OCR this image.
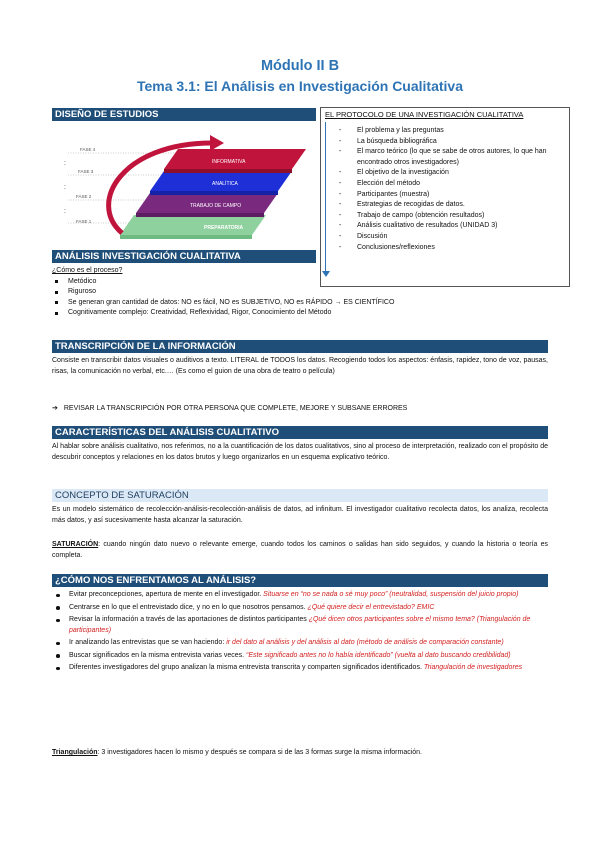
Módulo II B
Tema 3.1: El Análisis en Investigación Cualitativa
DISEÑO DE ESTUDIOS
:
:
:
FASE 4
FASE 3
FASE 2
FASE 1
PREPARATORIA
TRABAJO DE CAMPO
ANALÍTICA
INFORMATIVA
EL PROTOCOLO DE UNA INVESTIGACIÓN CUALITATIVA
- El problema y las preguntas
- La búsqueda bibliográfica
- El marco teórico (lo que se sabe de otros autores, lo que han encontrado otros investigadores)
- El objetivo de la investigación
- Elección del método
- Participantes (muestra)
- Estrategias de recogidas de datos.
- Trabajo de campo (obtención resultados)
- Análisis cualitativo de resultados (UNIDAD 3)
- Discusión
- Conclusiones/reflexiones
ANÁLISIS INVESTIGACIÓN CUALITATIVA

¿Cómo es el proceso?

Metódico
Riguroso
Se generan gran cantidad de datos: NO es fácil, NO es SUBJETIVO, NO es RÁPIDO → ES CIENTÍFICO
Cognitivamente complejo: Creatividad, Reflexividad, Rigor, Conocimiento del Método
TRANSCRIPCIÓN DE LA INFORMACIÓN
Consiste en transcribir datos visuales o auditivos a texto. LITERAL de TODOS los datos. Recogiendo todos los aspectos: énfasis, rapidez, tono de voz, pausas, risas, la comunicación no verbal, etc.… (Es como el guion de una obra de teatro o película)
➔ REVISAR LA TRANSCRIPCIÓN POR OTRA PERSONA QUE COMPLETE, MEJORE Y SUBSANE ERRORES
CARACTERÍSTICAS DEL ANÁLISIS CUALITATIVO
Al hablar sobre análisis cualitativo, nos referimos, no a la cuantificación de los datos cualitativos, sino al proceso de interpretación, realizado con el propósito de descubrir conceptos y relaciones en los datos brutos y luego organizarlos en un esquema explicativo teórico.
CONCEPTO DE SATURACIÓN
Es un modelo sistemático de recolección-análisis-recolección-análisis de datos, ad infinitum. El investigador cualitativo recolecta datos, los analiza, recolecta más datos, y así sucesivamente hasta alcanzar la saturación.
SATURACIÓN: cuando ningún dato nuevo o relevante emerge, cuando todos los caminos o salidas han sido seguidos, y cuando la historia o teoría es completa.
¿CÓMO NOS ENFRENTAMOS AL ANÁLISIS?
Evitar preconcepciones, apertura de mente en el investigador. Situarse en “no se nada o sé muy poco” (neutralidad, suspensión del juicio propio)
Centrarse en lo que el entrevistado dice, y no en lo que nosotros pensamos. ¿Qué quiere decir el entrevistado? EMIC
Revisar la información a través de las aportaciones de distintos participantes ¿Qué dicen otros participantes sobre el mismo tema? (Triangulación de participantes)
Ir analizando las entrevistas que se van haciendo: ir del dato al análisis y del análisis al dato (método de análisis de comparación constante)
Buscar significados en la misma entrevista varias veces. “Este significado antes no lo había identificado” (vuelta al dato buscando credibilidad)
Diferentes investigadores del grupo analizan la misma entrevista transcrita y comparten significados identificados. Triangulación de investigadores
Triangulación: 3 investigadores hacen lo mismo y después se compara si de las 3 formas surge la misma información.
